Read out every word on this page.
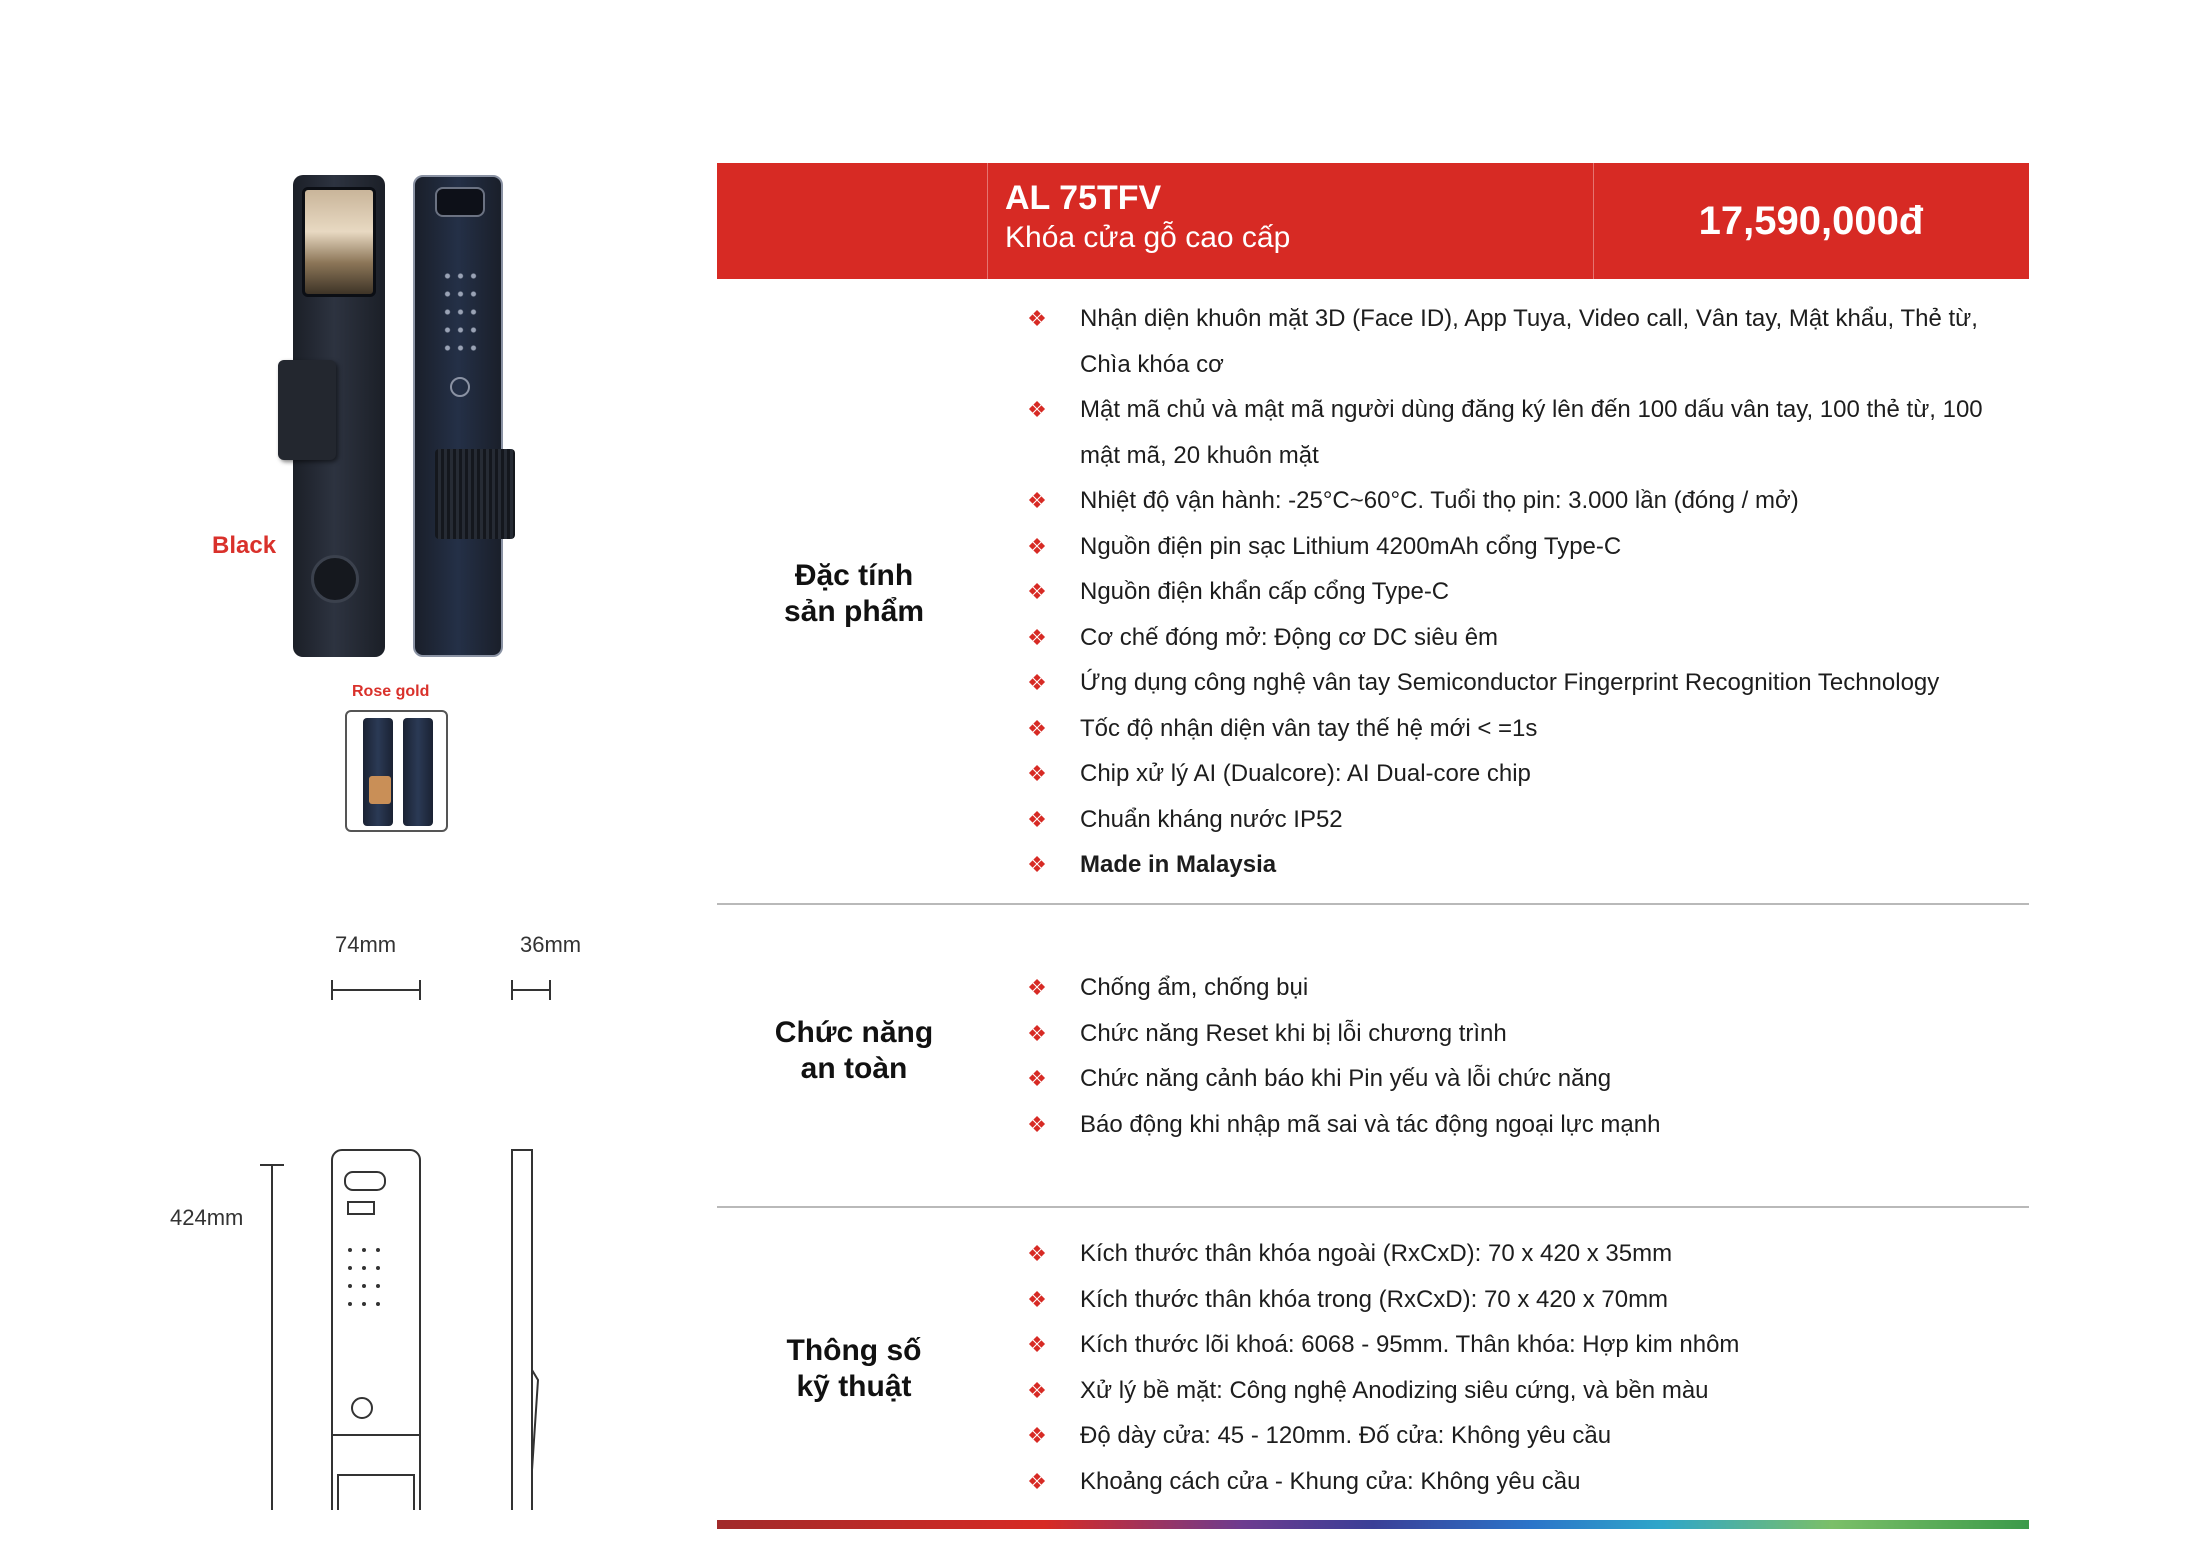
Black
Rose gold
74mm	36mm
424mm
AL 75TFV
Khóa cửa gỗ cao cấp	17,590,000đ
Đặc tính
sản phẩm
❖ Nhận diện khuôn mặt 3D (Face ID), App Tuya, Video call, Vân tay, Mật khẩu, Thẻ từ, Chìa khóa cơ
❖ Mật mã chủ và mật mã người dùng đăng ký lên đến 100 dấu vân tay, 100 thẻ từ, 100 mật mã, 20 khuôn mặt
❖ Nhiệt độ vận hành: -25°C~60°C. Tuổi thọ pin: 3.000 lần (đóng / mở)
❖ Nguồn điện pin sạc Lithium 4200mAh cổng Type-C
❖ Nguồn điện khẩn cấp cổng Type-C
❖ Cơ chế đóng mở: Động cơ DC siêu êm
❖ Ứng dụng công nghệ vân tay Semiconductor Fingerprint Recognition Technology
❖ Tốc độ nhận diện vân tay thế hệ mới < =1s
❖ Chip xử lý AI (Dualcore): AI Dual-core chip
❖ Chuẩn kháng nước IP52
❖ Made in Malaysia
Chức năng
an toàn
❖ Chống ẩm, chống bụi
❖ Chức năng Reset khi bị lỗi chương trình
❖ Chức năng cảnh báo khi Pin yếu và lỗi chức năng
❖ Báo động khi nhập mã sai và tác động ngoại lực mạnh
Thông số
kỹ thuật
❖ Kích thước thân khóa ngoài (RxCxD): 70 x 420 x 35mm
❖ Kích thước thân khóa trong (RxCxD): 70 x 420 x 70mm
❖ Kích thước lõi khoá: 6068 - 95mm. Thân khóa: Hợp kim nhôm
❖ Xử lý bề mặt: Công nghệ Anodizing siêu cứng, và bền màu
❖ Độ dày cửa: 45 - 120mm. Đố cửa: Không yêu cầu
❖ Khoảng cách cửa - Khung cửa: Không yêu cầu
